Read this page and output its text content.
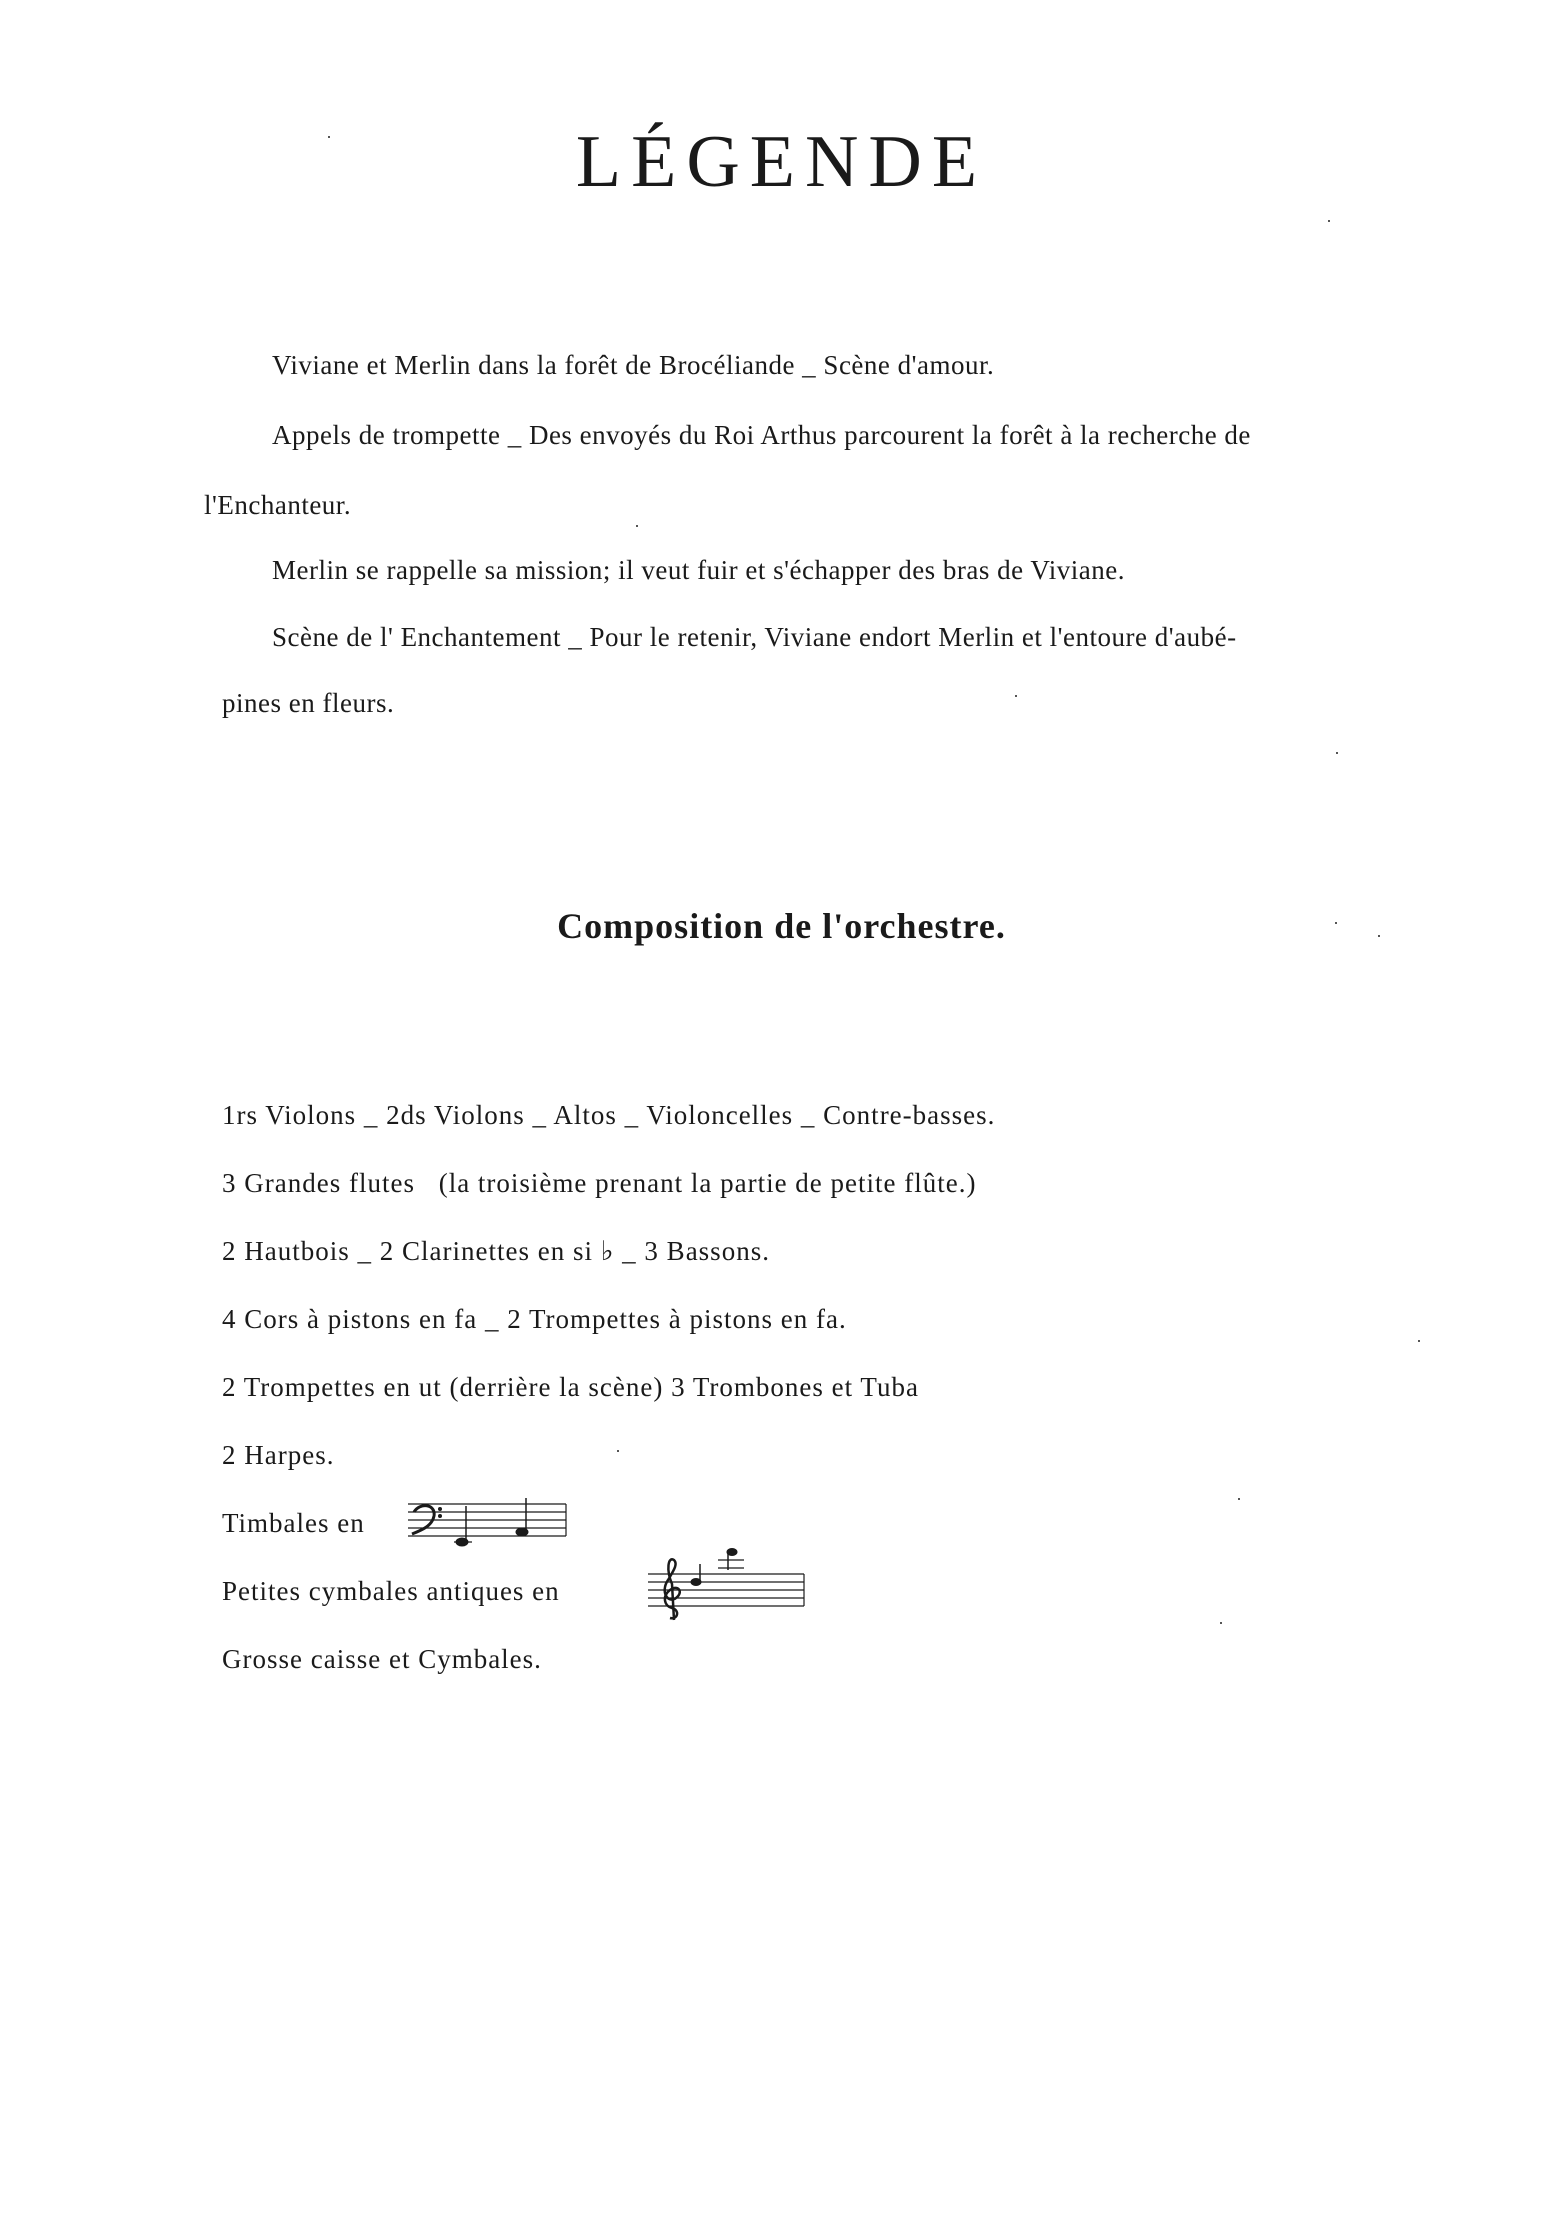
LÉGENDE
Viviane et Merlin dans la forêt de Brocéliande _ Scène d'amour.
Appels de trompette _ Des envoyés du Roi Arthus parcourent la forêt à la recherche de
l'Enchanteur.
Merlin se rappelle sa mission; il veut fuir et s'échapper des bras de Viviane.
Scène de l' Enchantement _ Pour le retenir, Viviane endort Merlin et l'entoure d'aubé-
pines en fleurs.
Composition de l'orchestre.
1rs Violons _ 2ds Violons _ Altos _ Violoncelles _ Contre-basses.
3 Grandes flutes (la troisième prenant la partie de petite flûte.)
2 Hautbois _ 2 Clarinettes en si ♭ _ 3 Bassons.
4 Cors à pistons en fa _ 2 Trompettes à pistons en fa.
2 Trompettes en ut (derrière la scène) 3 Trombones et Tuba
2 Harpes.
Timbales en
Petites cymbales antiques en
Grosse caisse et Cymbales.
